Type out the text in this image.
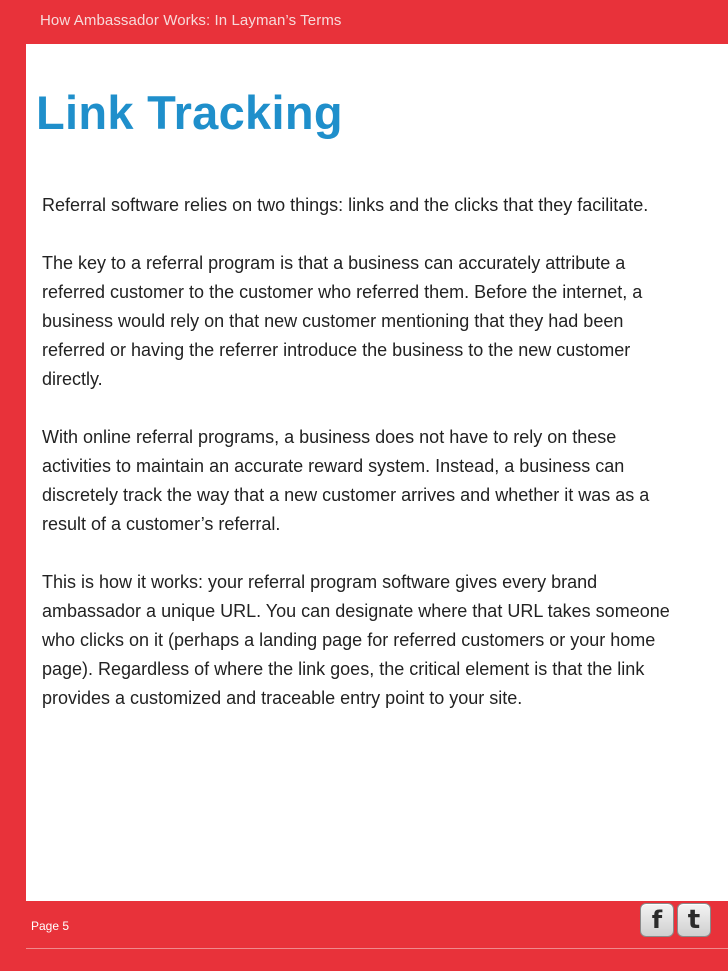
How Ambassador Works: In Layman’s Terms
Link Tracking

Referral software relies on two things: links and the clicks that they facilitate.

The key to a referral program is that a business can accurately attribute a referred customer to the customer who referred them. Before the internet, a business would rely on that new customer mentioning that they had been referred or having the referrer introduce the business to the new customer directly.

With online referral programs, a business does not have to rely on these activities to maintain an accurate reward system. Instead, a business can discretely track the way that a new customer arrives and whether it was as a result of a customer’s referral.

This is how it works: your referral program software gives every brand ambassador a unique URL. You can designate where that URL takes someone who clicks on it (perhaps a landing page for referred customers or your home page). Regardless of where the link goes, the critical element is that the link provides a customized and traceable entry point to your site.

Page 5	f t
